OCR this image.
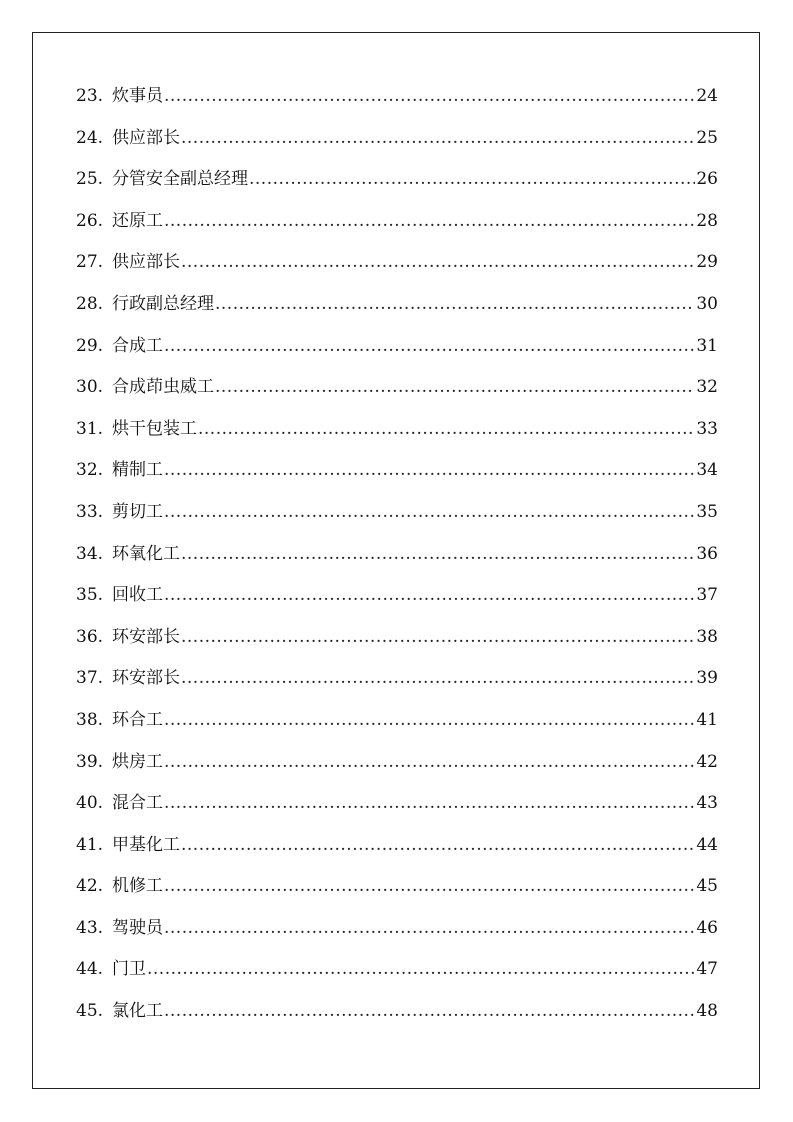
23. 炊事员 .....	24
24. 供应部长 .....	25
25. 分管安全副总经理 .....	26
26. 还原工 .....	28
27. 供应部长 .....	29
28. 行政副总经理 .....	30
29. 合成工 .....	31
30. 合成茚虫威工 .....	32
31. 烘干包装工 .....	33
32. 精制工 .....	34
33. 剪切工 .....	35
34. 环氧化工 .....	36
35. 回收工 .....	37
36. 环安部长 .....	38
37. 环安部长 .....	39
38. 环合工 .....	41
39. 烘房工 .....	42
40. 混合工 .....	43
41. 甲基化工 .....	44
42. 机修工 .....	45
43. 驾驶员 .....	46
44. 门卫 .....	47
45. 氯化工 .....	48
